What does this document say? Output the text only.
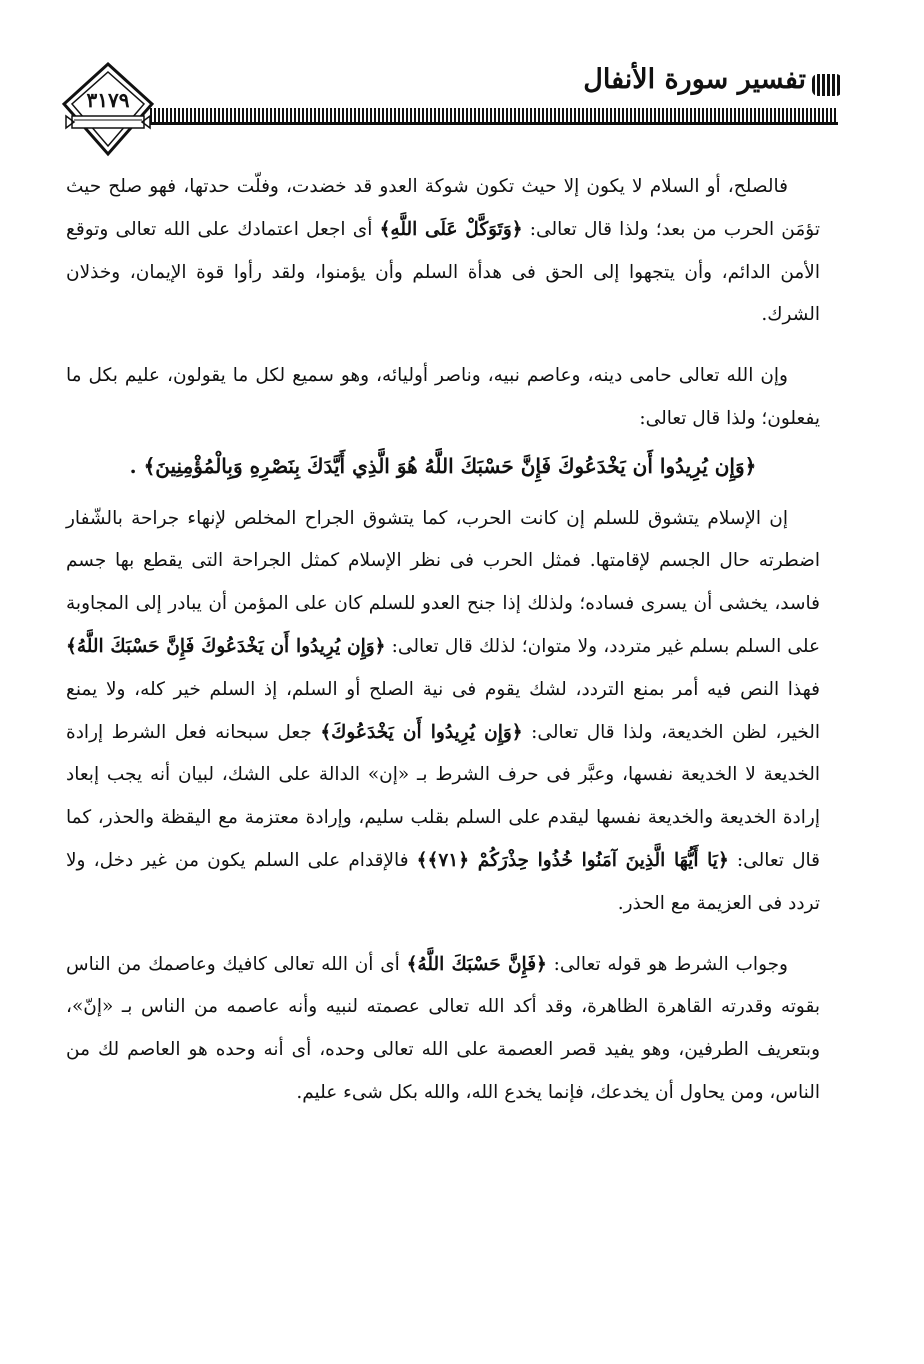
تفسير سورة الأنفال
٣١٧٩

فالصلح، أو السلام لا يكون إلا حيث تكون شوكة العدو قد خضدت، وفلّت حدتها، فهو صلح حيث تؤمَن الحرب من بعد؛ ولذا قال تعالى: ﴿وَتَوَكَّلْ عَلَى اللَّهِ﴾ أى اجعل اعتمادك على الله تعالى وتوقع الأمن الدائم، وأن يتجهوا إلى الحق فى هدأة السلم وأن يؤمنوا، ولقد رأوا قوة الإيمان، وخذلان الشرك.

وإن الله تعالى حامى دينه، وعاصم نبيه، وناصر أوليائه، وهو سميع لكل ما يقولون، عليم بكل ما يفعلون؛ ولذا قال تعالى:

﴿وَإِن يُرِيدُوا أَن يَخْدَعُوكَ فَإِنَّ حَسْبَكَ اللَّهُ هُوَ الَّذِي أَيَّدَكَ بِنَصْرِهِ وَبِالْمُؤْمِنِينَ﴾ .

إن الإسلام يتشوق للسلم إن كانت الحرب، كما يتشوق الجراح المخلص لإنهاء جراحة بالشّفار اضطرته حال الجسم لإقامتها. فمثل الحرب فى نظر الإسلام كمثل الجراحة التى يقطع بها جسم فاسد، يخشى أن يسرى فساده؛ ولذلك إذا جنح العدو للسلم كان على المؤمن أن يبادر إلى المجاوبة على السلم بسلم غير متردد، ولا متوان؛ لذلك قال تعالى: ﴿وَإِن يُرِيدُوا أَن يَخْدَعُوكَ فَإِنَّ حَسْبَكَ اللَّهُ﴾ فهذا النص فيه أمر بمنع التردد، لشك يقوم فى نية الصلح أو السلم، إذ السلم خير كله، ولا يمنع الخير، لظن الخديعة، ولذا قال تعالى: ﴿وَإِن يُرِيدُوا أَن يَخْدَعُوكَ﴾ جعل سبحانه فعل الشرط إرادة الخديعة لا الخديعة نفسها، وعبَّر فى حرف الشرط بـ «إن» الدالة على الشك، لبيان أنه يجب إبعاد إرادة الخديعة والخديعة نفسها ليقدم على السلم بقلب سليم، وإرادة معتزمة مع اليقظة والحذر، كما قال تعالى: ﴿يَا أَيُّهَا الَّذِينَ آمَنُوا خُذُوا حِذْرَكُمْ ﴿٧١﴾﴾ فالإقدام على السلم يكون من غير دخل، ولا تردد فى العزيمة مع الحذر.

وجواب الشرط هو قوله تعالى: ﴿فَإِنَّ حَسْبَكَ اللَّهُ﴾ أى أن الله تعالى كافيك وعاصمك من الناس بقوته وقدرته القاهرة الظاهرة، وقد أكد الله تعالى عصمته لنبيه وأنه عاصمه من الناس بـ «إنّ»، وبتعريف الطرفين، وهو يفيد قصر العصمة على الله تعالى وحده، أى أنه وحده هو العاصم لك من الناس، ومن يحاول أن يخدعك، فإنما يخدع الله، والله بكل شىء عليم.
